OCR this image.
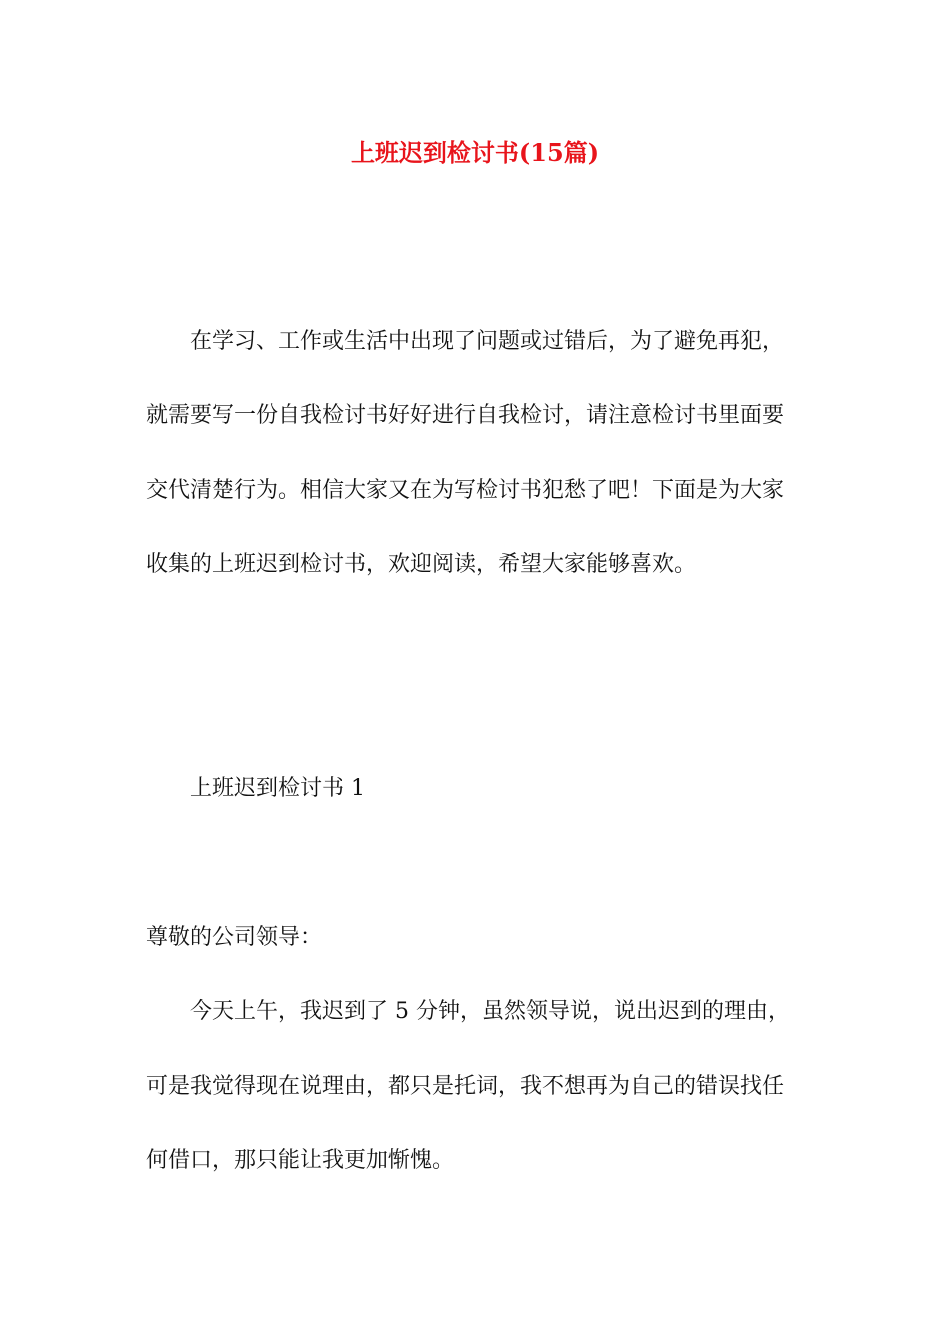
上班迟到检讨书(15篇)
在学习、工作或生活中出现了问题或过错后，为了避免再犯，
就需要写一份自我检讨书好好进行自我检讨，请注意检讨书里面要
交代清楚行为。相信大家又在为写检讨书犯愁了吧！下面是为大家
收集的上班迟到检讨书，欢迎阅读，希望大家能够喜欢。
上班迟到检讨书 1
尊敬的公司领导：
今天上午，我迟到了 5 分钟，虽然领导说，说出迟到的理由，
可是我觉得现在说理由，都只是托词，我不想再为自己的错误找任
何借口，那只能让我更加惭愧。
